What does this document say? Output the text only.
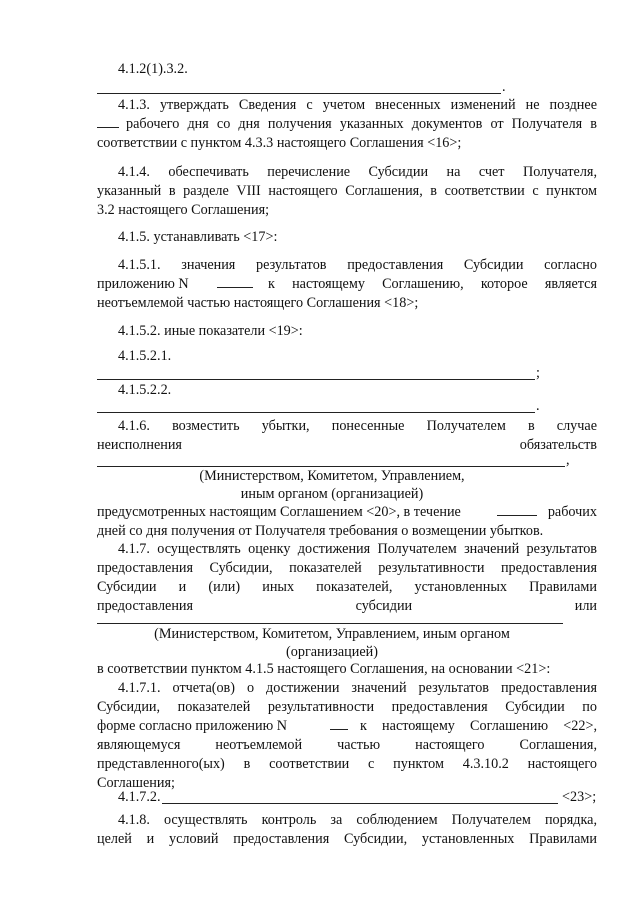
4.1.2(1).3.2.
.
4.1.3. утверждать Сведения с учетом внесенных изменений не позднее
рабочего дня со дня получения указанных документов от Получателя в
соответствии с пунктом 4.3.3 настоящего Соглашения <16>;
4.1.4. обеспечивать перечисление Субсидии на счет Получателя,
указанный в разделе VIII настоящего Соглашения, в соответствии с пунктом
3.2 настоящего Соглашения;
4.1.5. устанавливать <17>:
4.1.5.1. значения результатов предоставления Субсидии согласно
приложению N	к настоящему Соглашению, которое является
неотъемлемой частью настоящего Соглашения <18>;
4.1.5.2. иные показатели <19>:
4.1.5.2.1.
;
4.1.5.2.2.
.
4.1.6. возместить убытки, понесенные Получателем в случае
неисполнения	обязательств
,
(Министерством, Комитетом, Управлением,
иным органом (организацией)
предусмотренных настоящим Соглашением <20>, в течение	рабочих
дней со дня получения от Получателя требования о возмещении убытков.
4.1.7. осуществлять оценку достижения Получателем значений результатов
предоставления Субсидии, показателей результативности предоставления
Субсидии и (или) иных показателей, установленных Правилами
предоставления субсидии или
(Министерством, Комитетом, Управлением, иным органом
(организацией)
в соответствии пунктом 4.1.5 настоящего Соглашения, на основании <21>:
4.1.7.1. отчета(ов) о достижении значений результатов предоставления
Субсидии, показателей результативности предоставления Субсидии по
форме согласно приложению N	к настоящему Соглашению <22>,
являющемуся неотъемлемой частью настоящего Соглашения,
представленного(ых) в соответствии с пунктом 4.3.10.2 настоящего
Соглашения;
4.1.7.2.	<23>;
4.1.8. осуществлять контроль за соблюдением Получателем порядка,
целей и условий предоставления Субсидии, установленных Правилами
